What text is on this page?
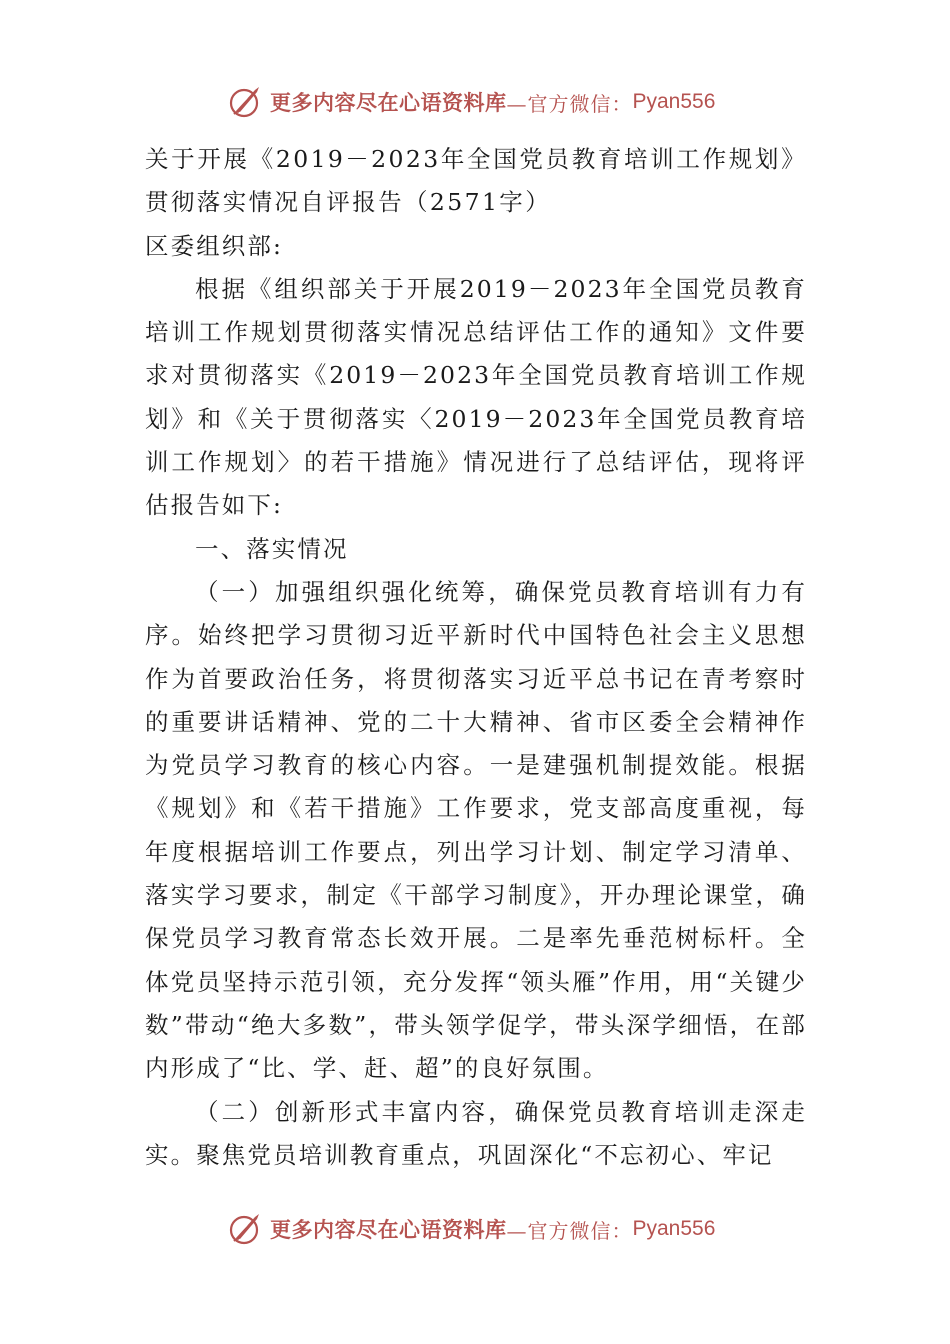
更多内容尽在心语资料库 —官方微信： Pyan556

关于开展《2019－2023年全国党员教育培训工作规划》贯彻落实情况自评报告（2571字）

区委组织部:

根据《组织部关于开展2019－2023年全国党员教育培训工作规划贯彻落实情况总结评估工作的通知》文件要求对贯彻落实《2019－2023年全国党员教育培训工作规划》和《关于贯彻落实〈2019－2023年全国党员教育培训工作规划〉的若干措施》情况进行了总结评估，现将评估报告如下:

一、落实情况

（一）加强组织强化统筹，确保党员教育培训有力有序。始终把学习贯彻习近平新时代中国特色社会主义思想作为首要政治任务，将贯彻落实习近平总书记在青考察时的重要讲话精神、党的二十大精神、省市区委全会精神作为党员学习教育的核心内容。一是建强机制提效能。根据《规划》和《若干措施》工作要求，党支部高度重视，每年度根据培训工作要点，列出学习计划、制定学习清单、落实学习要求，制定《干部学习制度》，开办理论课堂，确保党员学习教育常态长效开展。二是率先垂范树标杆。全体党员坚持示范引领，充分发挥“领头雁”作用，用“关键少数”带动“绝大多数”，带头领学促学，带头深学细悟，在部内形成了“比、学、赶、超”的良好氛围。

（二）创新形式丰富内容，确保党员教育培训走深走实。聚焦党员培训教育重点，巩固深化“不忘初心、牢记

更多内容尽在心语资料库 —官方微信： Pyan556
